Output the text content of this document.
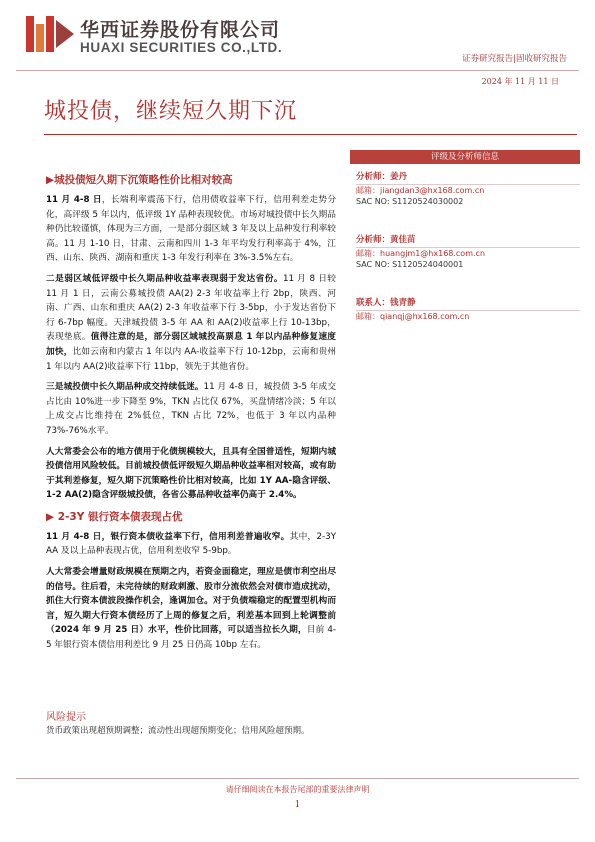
华西证券股份有限公司
HUAXI SECURITIES CO.,LTD.
证券研究报告|固收研究报告
2024 年 11 月 11 日
城投债，继续短久期下沉
▶城投债短久期下沉策略性价比相对较高

11 月 4-8 日，长端利率震荡下行，信用债收益率下行，信用利差走势分化，高评级 5 年以内，低评级 1Y 品种表现较优。市场对城投债中长久期品种仍比较谨慎，体现为三方面，一是部分弱区域 3 年及以上品种发行利率较高。11 月 1-10 日，甘肃、云南和四川 1-3 年平均发行利率高于 4%，江西、山东、陕西、湖南和重庆 1-3 年发行利率在 3%-3.5%左右。

二是弱区域低评级中长久期品种收益率表现弱于发达省份。11 月 8 日较 11 月 1 日，云南公募城投债 AA(2) 2-3 年收益率上行 2bp，陕西、河南、广西、山东和重庆 AA(2) 2-3 年收益率下行 3-5bp，小于发达省份下行 6-7bp 幅度。天津城投债 3-5 年 AA 和 AA(2)收益率上行 10-13bp，表现垫底。值得注意的是，部分弱区域城投高票息 1 年以内品种修复速度加快，比如云南和内蒙古 1 年以内 AA-收益率下行 10-12bp，云南和贵州 1 年以内 AA(2)收益率下行 11bp，领先于其他省份。

三是城投债中长久期品种成交持续低迷。11 月 4-8 日，城投债 3-5 年成交占比由 10%进一步下降至 9%，TKN 占比仅 67%，买盘情绪冷淡；5 年以上成交占比维持在 2%低位，TKN 占比 72%，也低于 3 年以内品种 73%-76%水平。

人大常委会公布的地方债用于化债规模较大，且具有全国普适性，短期内城投债信用风险较低。目前城投债低评级短久期品种收益率相对较高，或有助于其利差修复，短久期下沉策略性价比相对较高，比如 1Y AA-隐含评级、1-2 AA(2)隐含评级城投债，各省公募品种收益率仍高于 2.4%。

▶ 2-3Y 银行资本债表现占优

11 月 4-8 日，银行资本债收益率下行，信用利差普遍收窄。其中，2-3Y AA 及以上品种表现占优，信用利差收窄 5-9bp。

人大常委会增量财政规模在预期之内，若资金面稳定，理应是债市利空出尽的信号。往后看，未完待续的财政刺激、股市分流依然会对债市造成扰动，抓住大行资本债波段操作机会，逢调加仓。对于负债端稳定的配置型机构而言，短久期大行资本债经历了上周的修复之后，利差基本回到上轮调整前（2024 年 9 月 25 日）水平，性价比回落，可以适当拉长久期，目前 4-5 年银行资本债信用利差比 9 月 25 日仍高 10bp 左右。

风险提示
货币政策出现超预期调整；流动性出现超预期变化；信用风险超预期。
评级及分析师信息
分析师：姜丹
邮箱：jiangdan3@hx168.com.cn
SAC NO: S1120524030002
分析师：黄佳苗
邮箱：huangjm1@hx168.com.cn
SAC NO: S1120524040001
联系人：钱青静
邮箱：qianqj@hx168.com.cn
请仔细阅读在本报告尾部的重要法律声明
1
